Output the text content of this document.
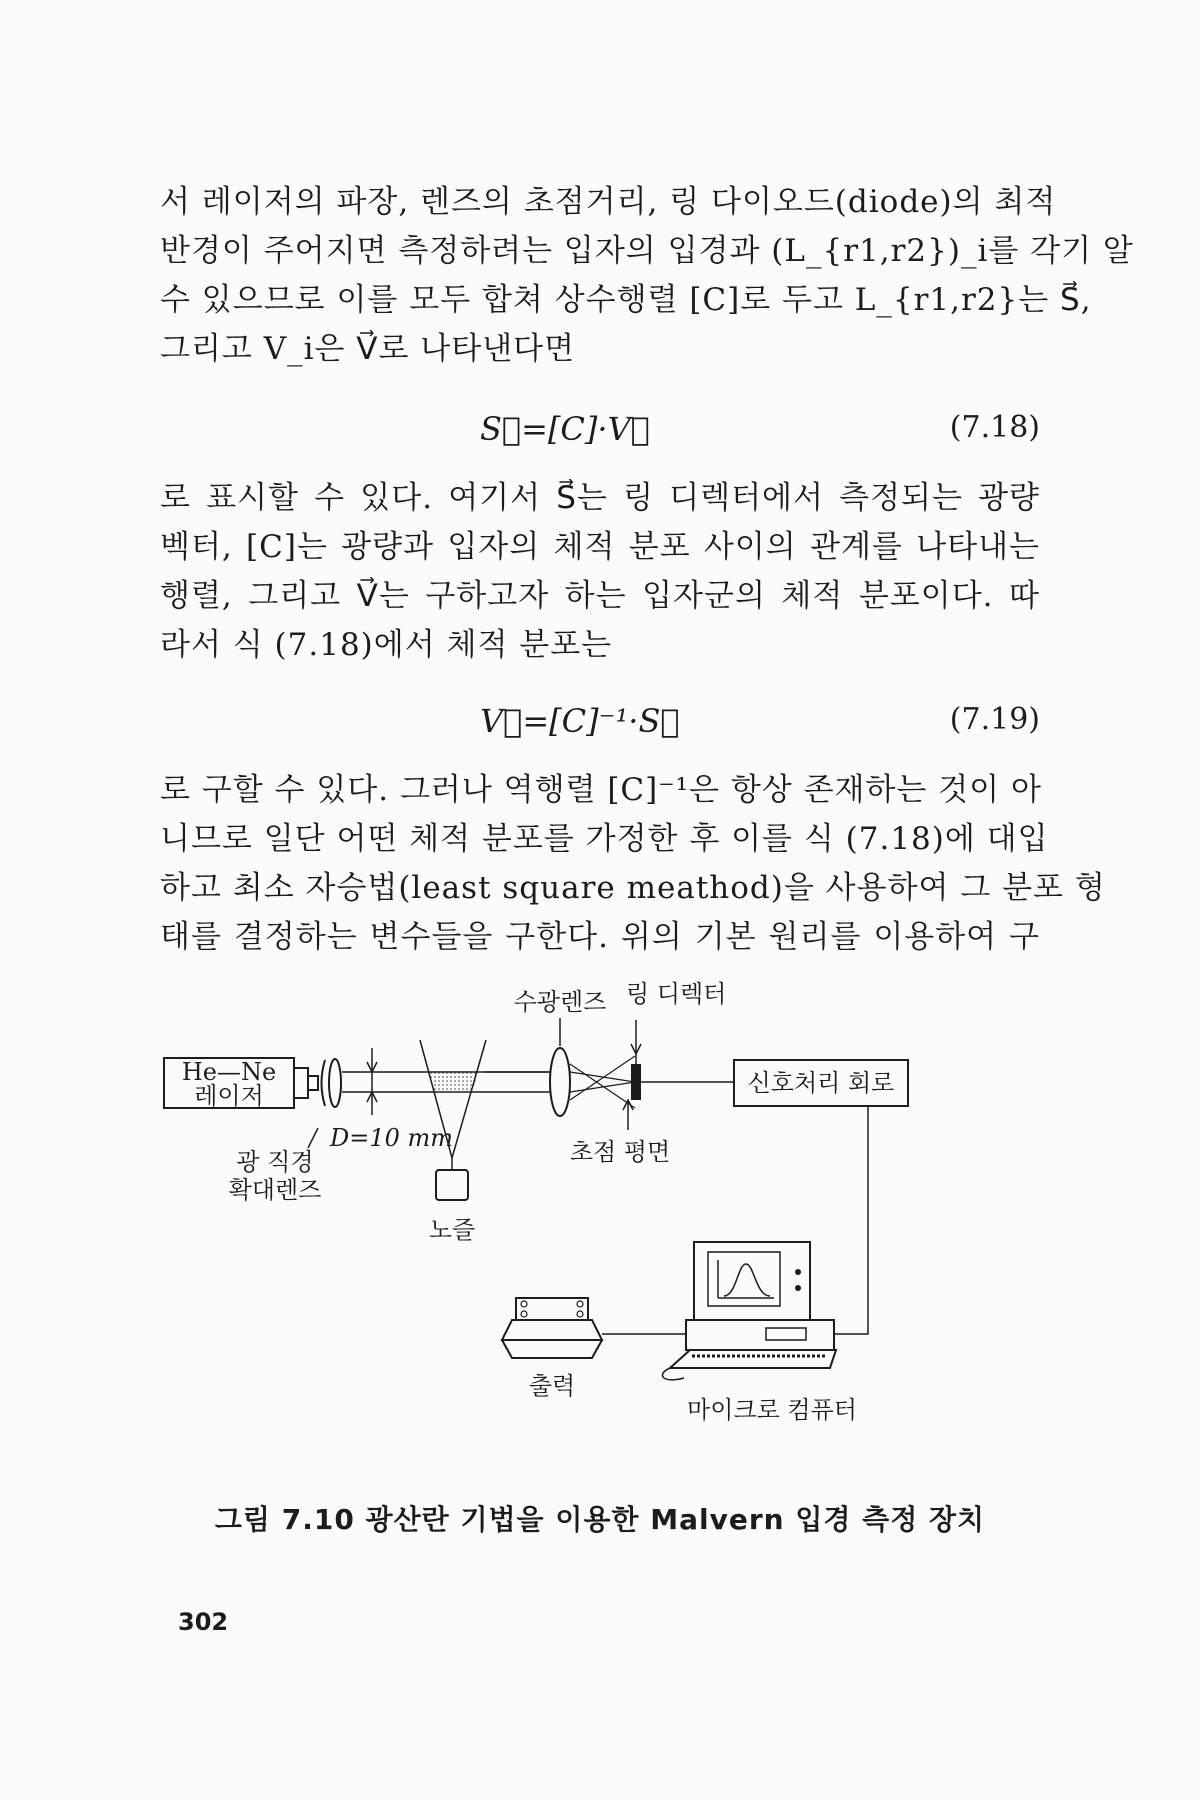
서 레이저의 파장, 렌즈의 초점거리, 링 다이오드(diode)의 최적
반경이 주어지면 측정하려는 입자의 입경과 (L_{r1,r2})_i를 각기 알
수 있으므로 이를 모두 합쳐 상수행렬 [C]로 두고 L_{r1,r2}는 S⃗,
그리고 V_i은 V⃗로 나타낸다면
S⃗=[C]·V⃗	(7.18)
로 표시할 수 있다. 여기서 S⃗는 링 디렉터에서 측정되는 광량
벡터, [C]는 광량과 입자의 체적 분포 사이의 관계를 나타내는
행렬, 그리고 V⃗는 구하고자 하는 입자군의 체적 분포이다. 따
라서 식 (7.18)에서 체적 분포는
V⃗=[C]⁻¹·S⃗	(7.19)
로 구할 수 있다. 그러나 역행렬 [C]⁻¹은 항상 존재하는 것이 아
니므로 일단 어떤 체적 분포를 가정한 후 이를 식 (7.18)에 대입
하고 최소 자승법(least square meathod)을 사용하여 그 분포 형
태를 결정하는 변수들을 구한다. 위의 기본 원리를 이용하여 구
He—Ne
레이저
광 직경
확대렌즈
D=10 mm
노즐
수광렌즈 링 디렉터
초점 평면
신호처리 회로
마이크로 컴퓨터
출력
그림 7.10 광산란 기법을 이용한 Malvern 입경 측정 장치
302
